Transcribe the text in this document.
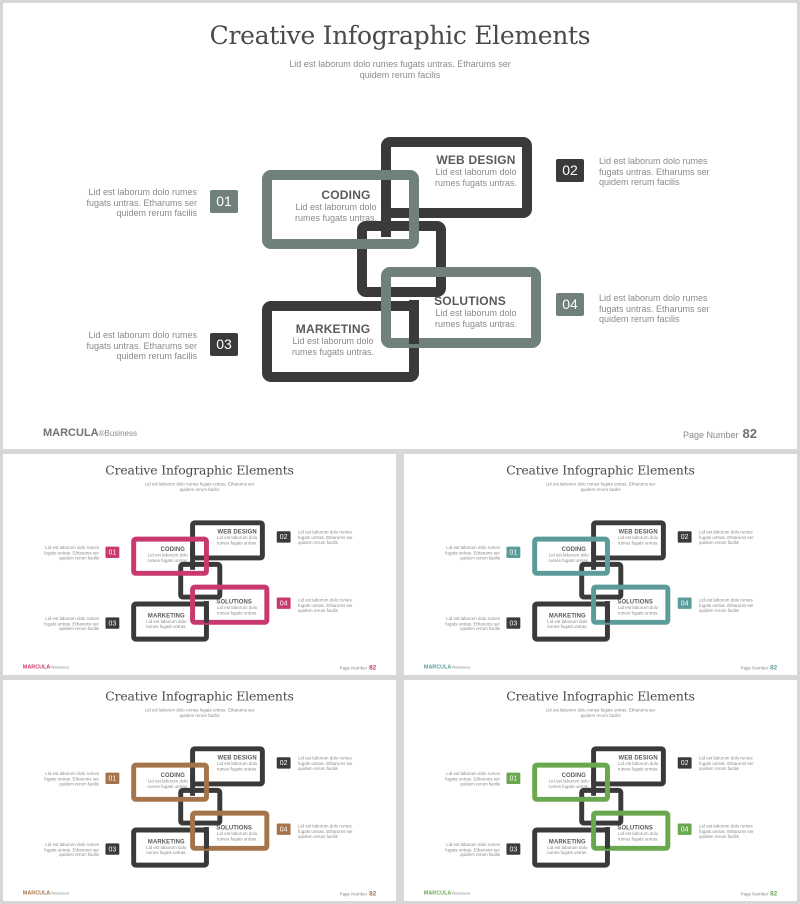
Creative Infographic Elements
Lid est laborum dolo rumes fugats untras. Etharums ser quidem rerum facilis
CODING
Lid est laborum dolo rumes fugats untras.
WEB DESIGN
Lid est laborum dolo rumes fugats untras.
MARKETING
Lid est laborum dolo rumes fugats untras.
SOLUTIONS
Lid est laborum dolo rumes fugats untras.
Lid est laborum dolo rumes fugats untras. Etharums ser quidem rerum facilis
01
02
Lid est laborum dolo rumes fugats untras. Etharums ser quidem rerum facilis
Lid est laborum dolo rumes fugats untras. Etharums ser quidem rerum facilis
03
04	Lid est laborum dolo rumes fugats untras. Etharums ser quidem rerum facilis
MARCULA®Business	Page Number 82
Creative Infographic Elements
Lid est laborum dolo rumes fugats untras. Etharums ser quidem rerum facilis
CODING
Lid est laborum dolo rumes fugats untras.
WEB DESIGN
Lid est laborum dolo rumes fugats untras.
MARKETING
Lid est laborum dolo rumes fugats untras.
SOLUTIONS
Lid est laborum dolo rumes fugats untras.
Lid est laborum dolo rumes fugats untras. Etharums ser quidem rerum facilis
01
02
Lid est laborum dolo rumes fugats untras. Etharums ser quidem rerum facilis
Lid est laborum dolo rumes fugats untras. Etharums ser quidem rerum facilis
03
04	Lid est laborum dolo rumes fugats untras. Etharums ser quidem rerum facilis
MARCULA®Business	Page Number 82
Creative Infographic Elements
Lid est laborum dolo rumes fugats untras. Etharums ser quidem rerum facilis
CODING
Lid est laborum dolo rumes fugats untras.
WEB DESIGN
Lid est laborum dolo rumes fugats untras.
MARKETING
Lid est laborum dolo rumes fugats untras.
SOLUTIONS
Lid est laborum dolo rumes fugats untras.
Lid est laborum dolo rumes fugats untras. Etharums ser quidem rerum facilis
01
02
Lid est laborum dolo rumes fugats untras. Etharums ser quidem rerum facilis
Lid est laborum dolo rumes fugats untras. Etharums ser quidem rerum facilis
03
04	Lid est laborum dolo rumes fugats untras. Etharums ser quidem rerum facilis
MARCULA®Business	Page Number 82
Creative Infographic Elements
Lid est laborum dolo rumes fugats untras. Etharums ser quidem rerum facilis
CODING
Lid est laborum dolo rumes fugats untras.
WEB DESIGN
Lid est laborum dolo rumes fugats untras.
MARKETING
Lid est laborum dolo rumes fugats untras.
SOLUTIONS
Lid est laborum dolo rumes fugats untras.
Lid est laborum dolo rumes fugats untras. Etharums ser quidem rerum facilis
01
02
Lid est laborum dolo rumes fugats untras. Etharums ser quidem rerum facilis
Lid est laborum dolo rumes fugats untras. Etharums ser quidem rerum facilis
03
04	Lid est laborum dolo rumes fugats untras. Etharums ser quidem rerum facilis
MARCULA®Business	Page Number 82
Creative Infographic Elements
Lid est laborum dolo rumes fugats untras. Etharums ser quidem rerum facilis
CODING
Lid est laborum dolo rumes fugats untras.
WEB DESIGN
Lid est laborum dolo rumes fugats untras.
MARKETING
Lid est laborum dolo rumes fugats untras.
SOLUTIONS
Lid est laborum dolo rumes fugats untras.
Lid est laborum dolo rumes fugats untras. Etharums ser quidem rerum facilis
01
02
Lid est laborum dolo rumes fugats untras. Etharums ser quidem rerum facilis
Lid est laborum dolo rumes fugats untras. Etharums ser quidem rerum facilis
03
04	Lid est laborum dolo rumes fugats untras. Etharums ser quidem rerum facilis
MARCULA®Business	Page Number 82
